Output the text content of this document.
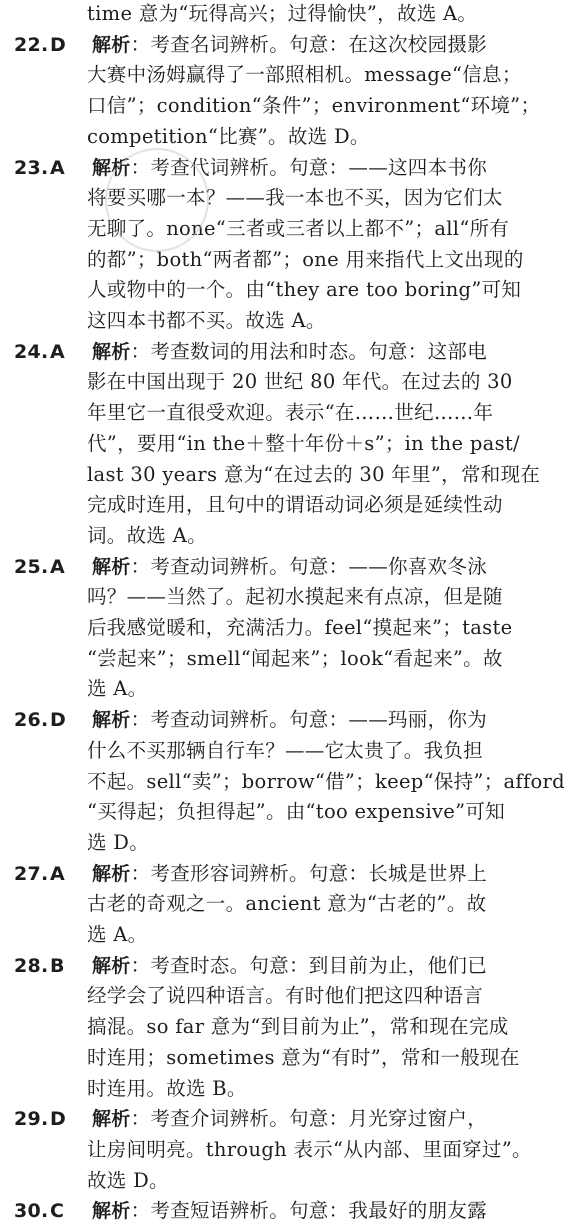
time 意为“玩得高兴；过得愉快”，故选 A。
22.D 解析：考查名词辨析。句意：在这次校园摄影
大赛中汤姆赢得了一部照相机。message“信息；
口信”；condition“条件”；environment“环境”；
competition“比赛”。故选 D。
23.A 解析：考查代词辨析。句意：——这四本书你
将要买哪一本？——我一本也不买，因为它们太
无聊了。none“三者或三者以上都不”；all“所有
的都”；both“两者都”；one 用来指代上文出现的
人或物中的一个。由“they are too boring”可知
这四本书都不买。故选 A。
24.A 解析：考查数词的用法和时态。句意：这部电
影在中国出现于 20 世纪 80 年代。在过去的 30
年里它一直很受欢迎。表示“在……世纪……年
代”，要用“in the＋整十年份＋s”；in the past/
last 30 years 意为“在过去的 30 年里”，常和现在
完成时连用，且句中的谓语动词必须是延续性动
词。故选 A。
25.A 解析：考查动词辨析。句意：——你喜欢冬泳
吗？——当然了。起初水摸起来有点凉，但是随
后我感觉暖和，充满活力。feel“摸起来”；taste
“尝起来”；smell“闻起来”；look“看起来”。故
选 A。
26.D 解析：考查动词辨析。句意：——玛丽，你为
什么不买那辆自行车？——它太贵了。我负担
不起。sell“卖”；borrow“借”；keep“保持”；afford
“买得起；负担得起”。由“too expensive”可知
选 D。
27.A 解析：考查形容词辨析。句意：长城是世界上
古老的奇观之一。ancient 意为“古老的”。故
选 A。
28.B 解析：考查时态。句意：到目前为止，他们已
经学会了说四种语言。有时他们把这四种语言
搞混。so far 意为“到目前为止”，常和现在完成
时连用；sometimes 意为“有时”，常和一般现在
时连用。故选 B。
29.D 解析：考查介词辨析。句意：月光穿过窗户，
让房间明亮。through 表示“从内部、里面穿过”。
故选 D。
30.C 解析：考查短语辨析。句意：我最好的朋友露
